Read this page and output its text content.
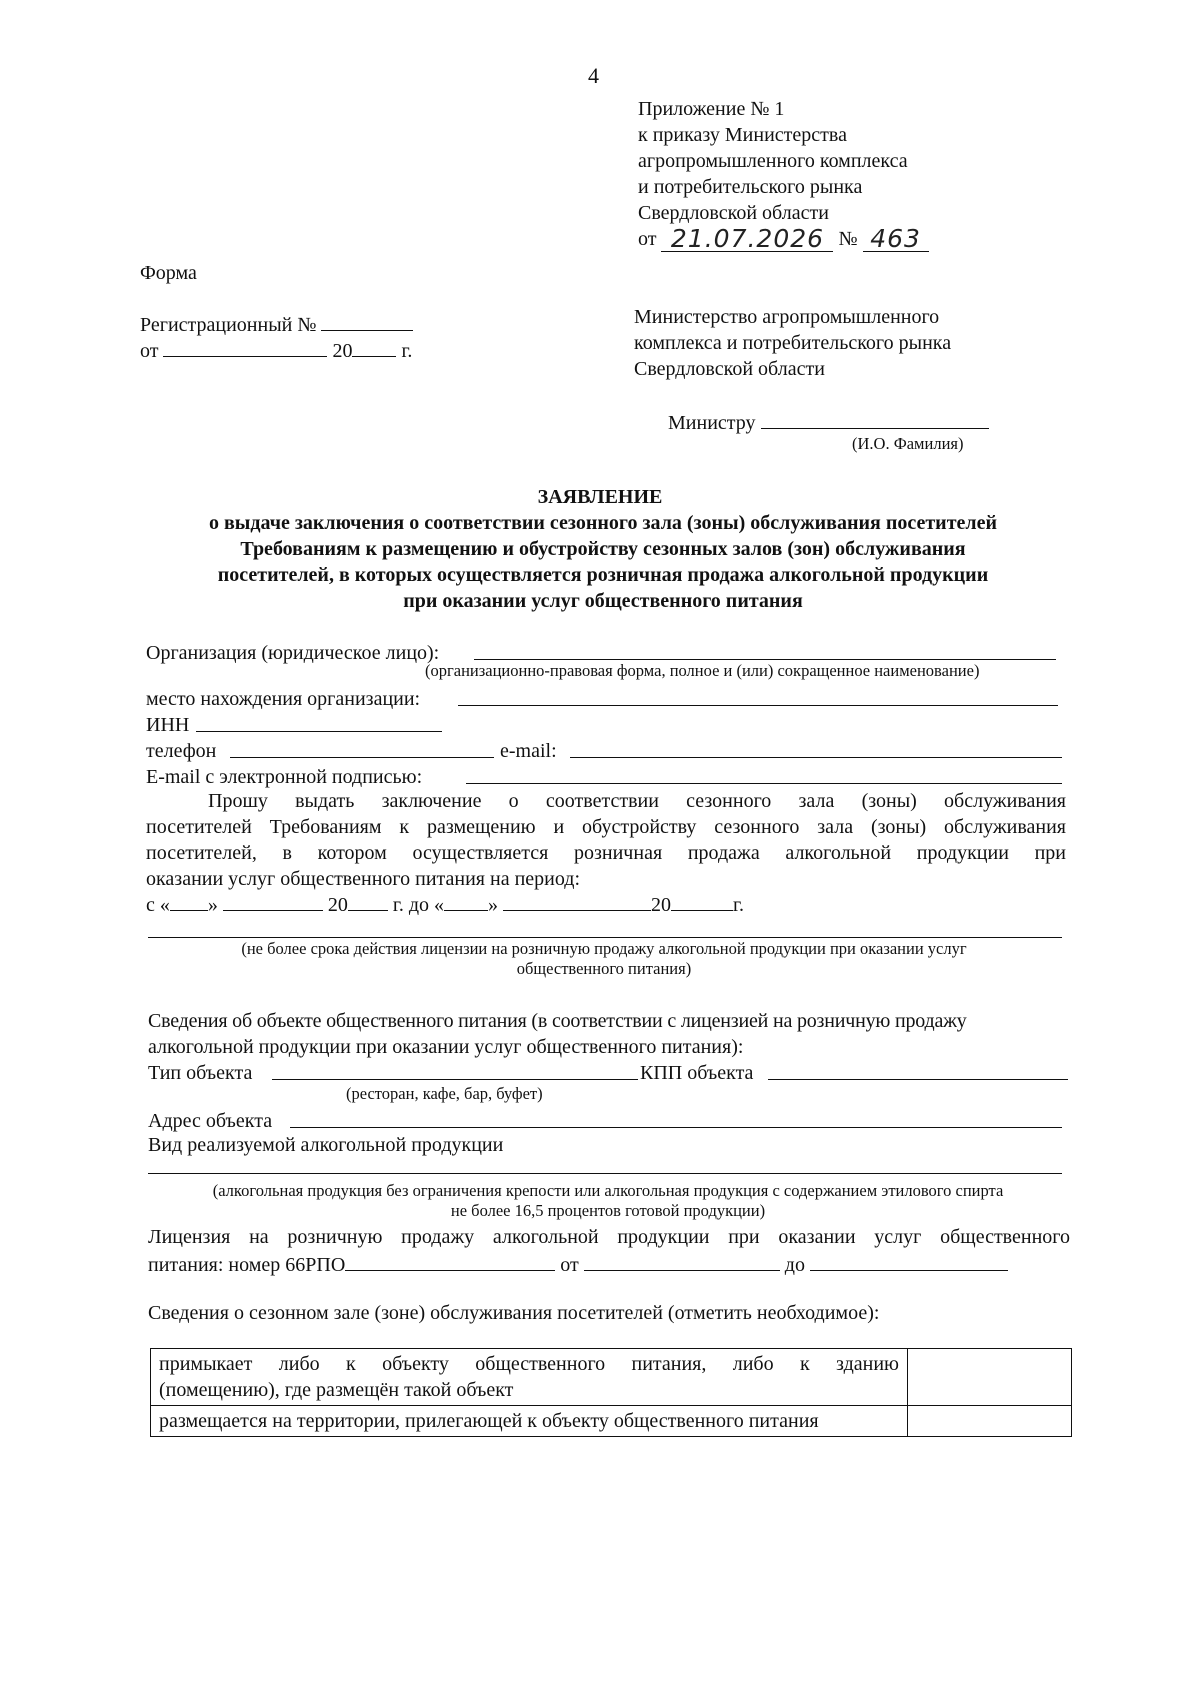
4
Приложение № 1
к приказу Министерства
агропромышленного комплекса
и потребительского рынка
Свердловской области
от 21.07.2026 № 463
Форма
Регистрационный №
от	20 г.
Министерство агропромышленного
комплекса и потребительского рынка
Свердловской области
Министру
(И.О. Фамилия)
ЗАЯВЛЕНИЕ
о выдаче заключения о соответствии сезонного зала (зоны) обслуживания посетителей
Требованиям к размещению и обустройству сезонных залов (зон) обслуживания
посетителей, в которых осуществляется розничная продажа алкогольной продукции
при оказании услуг общественного питания
Организация (юридическое лицо):
(организационно-правовая форма, полное и (или) сокращенное наименование)
место нахождения организации:
ИНН
телефон	e-mail:
E-mail с электронной подписью:
Прошу выдать заключение о соответствии сезонного зала (зоны) обслуживания
посетителей Требованиям к размещению и обустройству сезонного зала (зоны) обслуживания
посетителей, в котором осуществляется розничная продажа алкогольной продукции при
оказании услуг общественного питания на период:
с « »	20 г. до « »	20	г.
(не более срока действия лицензии на розничную продажу алкогольной продукции при оказании услуг
общественного питания)
Сведения об объекте общественного питания (в соответствии с лицензией на розничную продажу
алкогольной продукции при оказании услуг общественного питания):
Тип объекта	КПП объекта
(ресторан, кафе, бар, буфет)
Адрес объекта
Вид реализуемой алкогольной продукции
(алкогольная продукция без ограничения крепости или алкогольная продукция с содержанием этилового спирта
не более 16,5 процентов готовой продукции)
Лицензия на розничную продажу алкогольной продукции при оказании услуг общественного
питания: номер 66РПО	от	до
Сведения о сезонном зале (зоне) обслуживания посетителей (отметить необходимое):
примыкает либо к объекту общественного питания, либо к зданию
(помещению), где размещён такой объект	

размещается на территории, прилегающей к объекту общественного питания	
